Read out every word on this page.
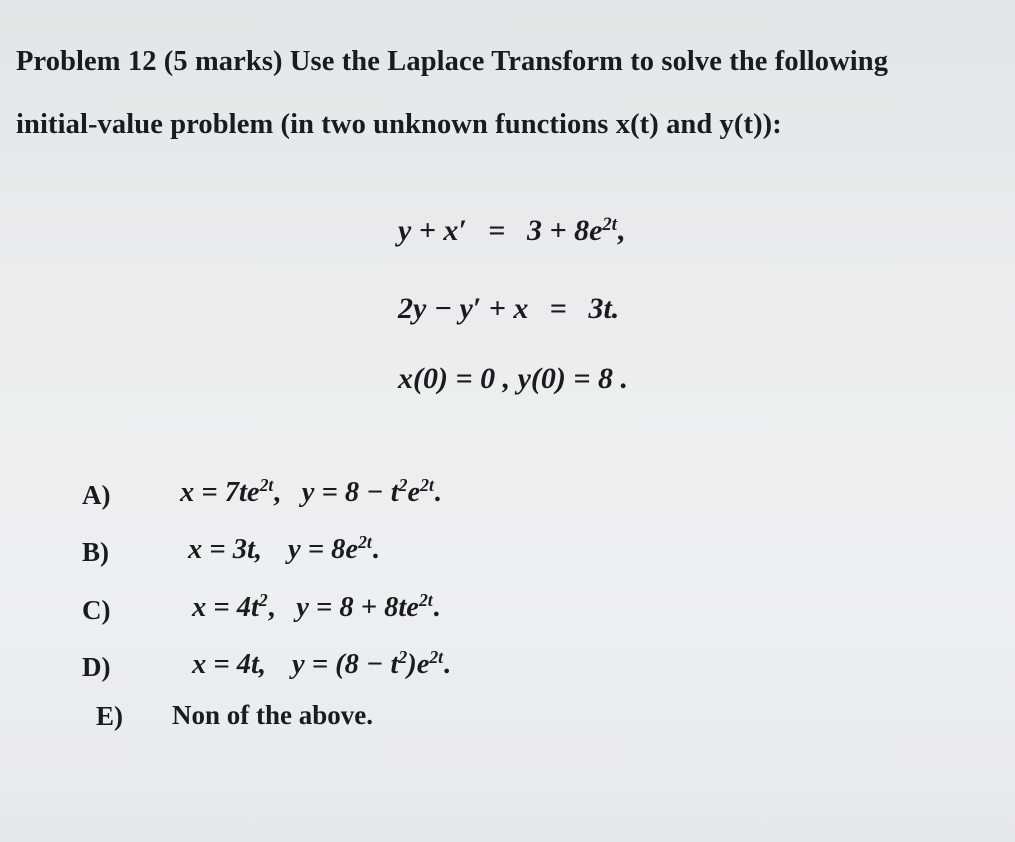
Problem 12 (5 marks) Use the Laplace Transform to solve the following
initial-value problem (in two unknown functions x(t) and y(t)):
$y + x' = 3 + 8e^{2t}$,
2y − y′ + x = 3t.
x(0) = 0 , y(0) = 8 .
A) $x = 7te^{2t}$,   $y = 8 - t^2e^{2t}$.
B)	x = 3t, $y = 8e^{2t}$.
C)	$x = 4t^2$,   $y = 8 + 8te^{2t}$.
D)	x = 4t, $y = (8 - t^2)e^{2t}$.
E) Non of the above.
